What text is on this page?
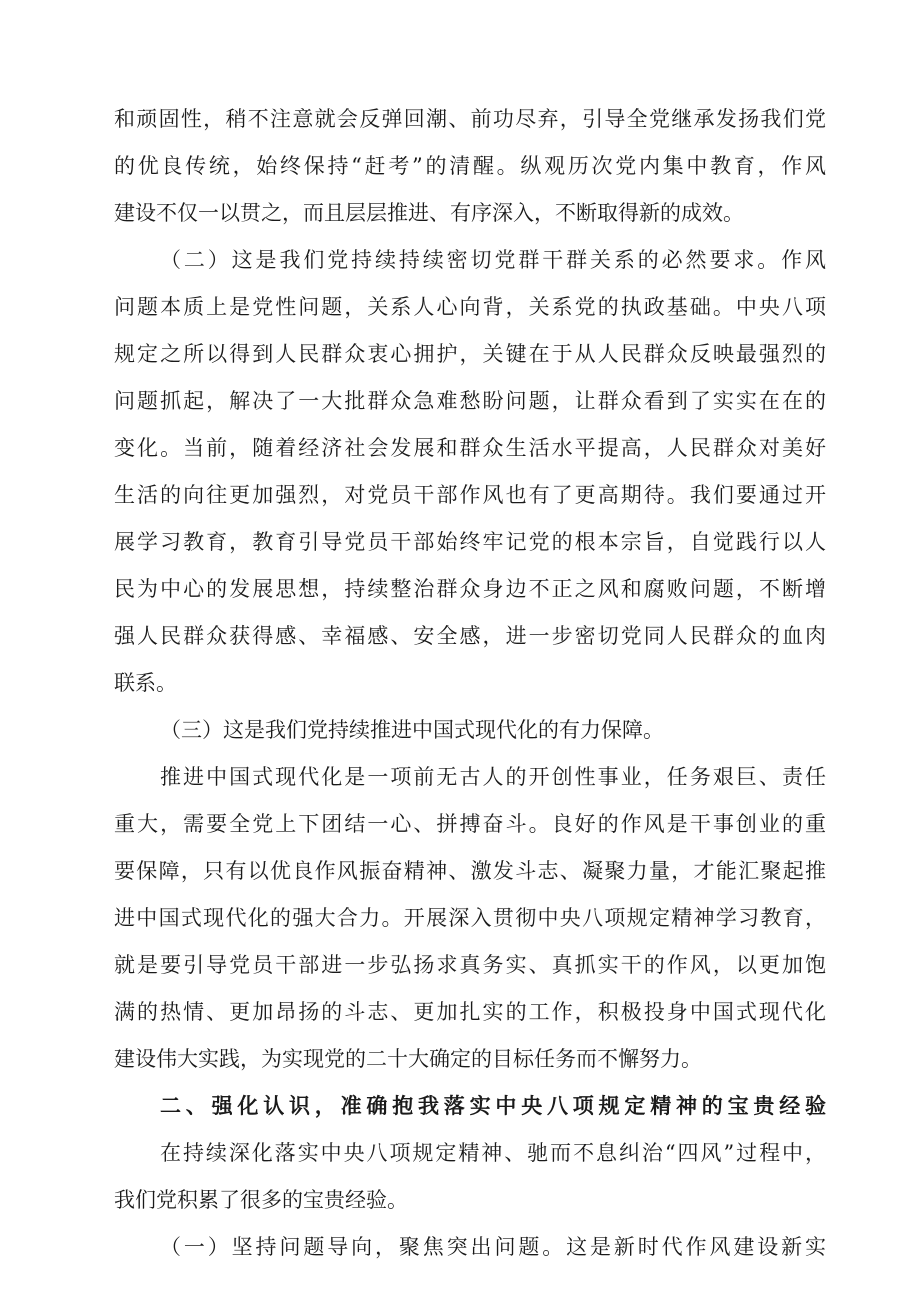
和顽固性，稍不注意就会反弹回潮、前功尽弃，引导全党继承发扬我们党
的优良传统，始终保持“赶考”的清醒。纵观历次党内集中教育，作风
建设不仅一以贯之，而且层层推进、有序深入，不断取得新的成效。
（二）这是我们党持续持续密切党群干群关系的必然要求。作风
问题本质上是党性问题，关系人心向背，关系党的执政基础。中央八项
规定之所以得到人民群众衷心拥护，关键在于从人民群众反映最强烈的
问题抓起，解决了一大批群众急难愁盼问题，让群众看到了实实在在的
变化。当前，随着经济社会发展和群众生活水平提高，人民群众对美好
生活的向往更加强烈，对党员干部作风也有了更高期待。我们要通过开
展学习教育，教育引导党员干部始终牢记党的根本宗旨，自觉践行以人
民为中心的发展思想，持续整治群众身边不正之风和腐败问题，不断增
强人民群众获得感、幸福感、安全感，进一步密切党同人民群众的血肉
联系。
（三）这是我们党持续推进中国式现代化的有力保障。
推进中国式现代化是一项前无古人的开创性事业，任务艰巨、责任
重大，需要全党上下团结一心、拼搏奋斗。良好的作风是干事创业的重
要保障，只有以优良作风振奋精神、激发斗志、凝聚力量，才能汇聚起推
进中国式现代化的强大合力。开展深入贯彻中央八项规定精神学习教育，
就是要引导党员干部进一步弘扬求真务实、真抓实干的作风，以更加饱
满的热情、更加昂扬的斗志、更加扎实的工作，积极投身中国式现代化
建设伟大实践，为实现党的二十大确定的目标任务而不懈努力。
二、强化认识，准确抱我落实中央八项规定精神的宝贵经验
在持续深化落实中央八项规定精神、驰而不息纠治“四风”过程中，
我们党积累了很多的宝贵经验。
（一）坚持问题导向，聚焦突出问题。这是新时代作风建设新实
